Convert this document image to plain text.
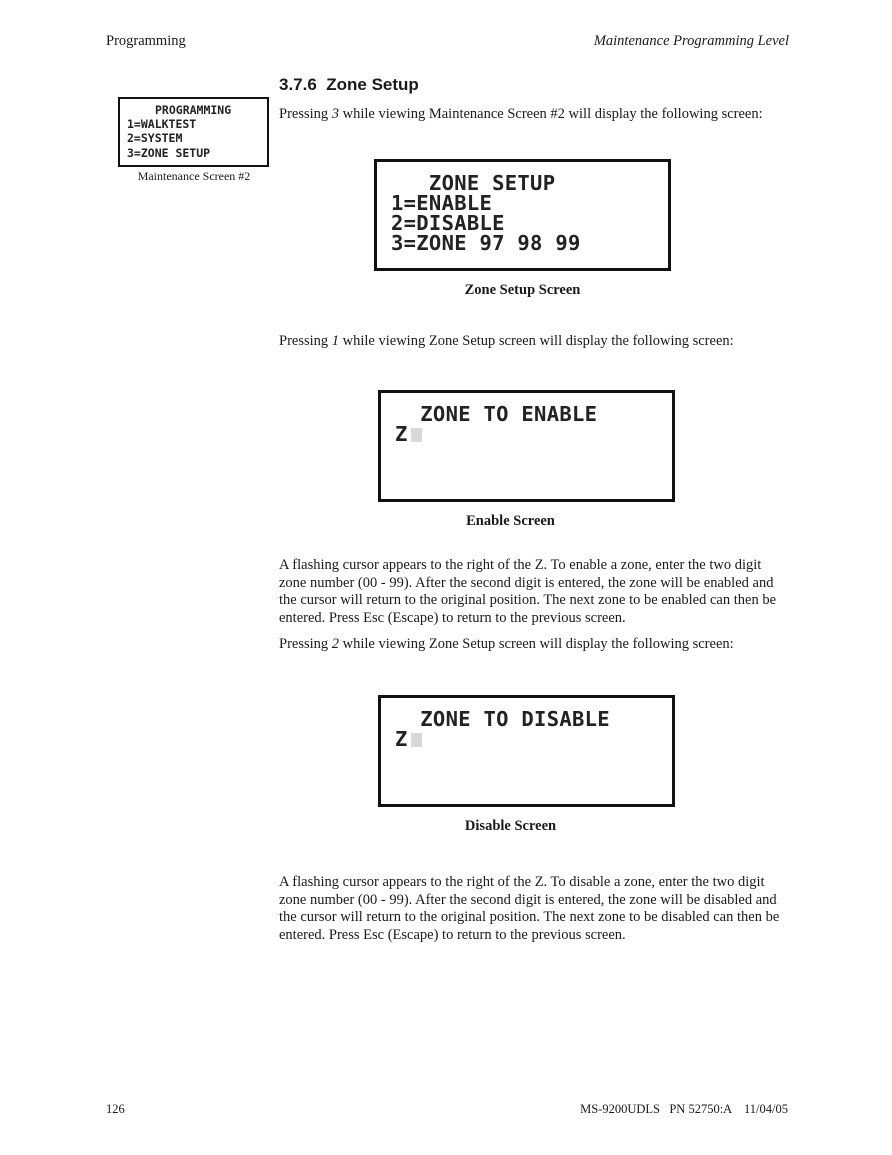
Programming	Maintenance Programming Level
3.7.6  Zone Setup
PROGRAMMING
1=WALKTEST
2=SYSTEM
3=ZONE SETUP
Maintenance Screen #2
Pressing 3 while viewing Maintenance Screen #2 will display the following screen:
ZONE SETUP
1=ENABLE
2=DISABLE
3=ZONE 97 98 99
Zone Setup Screen
Pressing 1 while viewing Zone Setup screen will display the following screen:
ZONE TO ENABLE
Z
Enable Screen
A flashing cursor appears to the right of the Z. To enable a zone, enter the two digit zone number (00 - 99). After the second digit is entered, the zone will be enabled and the cursor will return to the original position. The next zone to be enabled can then be entered. Press Esc (Escape) to return to the previous screen.
Pressing 2 while viewing Zone Setup screen will display the following screen:
ZONE TO DISABLE
Z
Disable Screen
A flashing cursor appears to the right of the Z. To disable a zone, enter the two digit zone number (00 - 99). After the second digit is entered, the zone will be disabled and the cursor will return to the original position. The next zone to be disabled can then be entered. Press Esc (Escape) to return to the previous screen.
126	MS-9200UDLS   PN 52750:A    11/04/05
